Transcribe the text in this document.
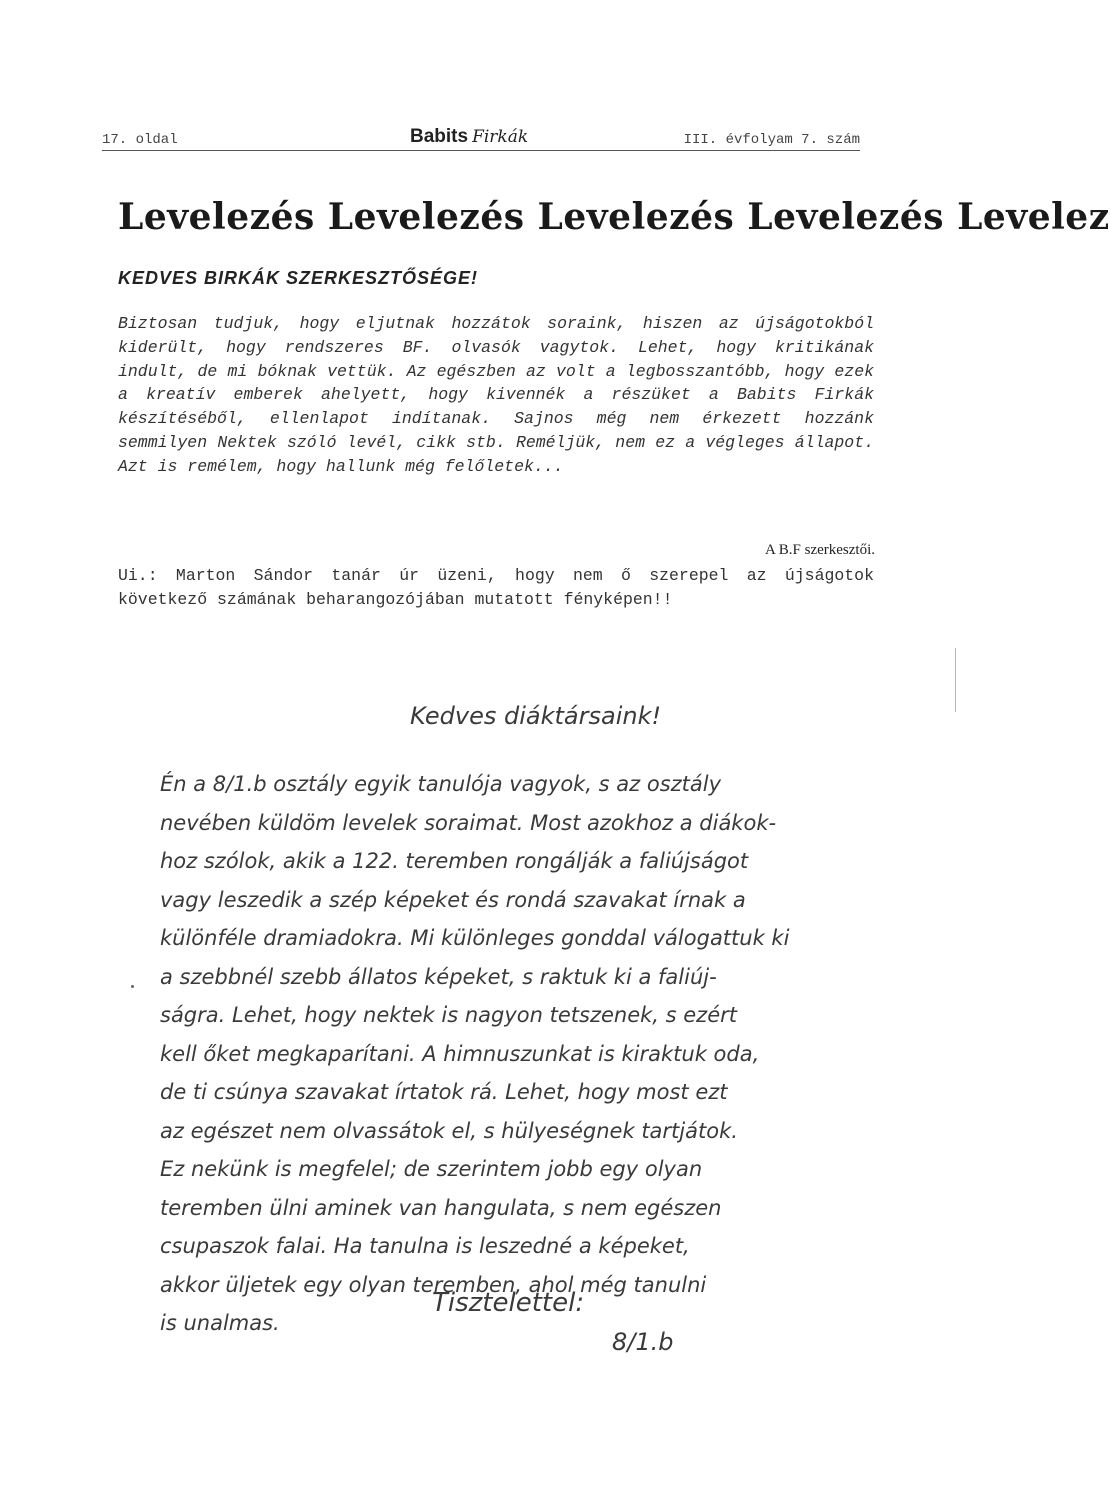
17. oldal	Babits Firkák	III. évfolyam 7. szám
Levelezés Levelezés Levelezés Levelezés Levelez
KEDVES BIRKÁK SZERKESZTŐSÉGE!

Biztosan tudjuk, hogy eljutnak hozzátok soraink, hiszen az újságotokból kiderült, hogy rendszeres BF. olvasók vagytok. Lehet, hogy kritikának indult, de mi bóknak vettük. Az egészben az volt a legbosszantóbb, hogy ezek a kreatív emberek ahelyett, hogy kivennék a részüket a Babits Firkák készítéséből, ellenlapot indítanak. Sajnos még nem érkezett hozzánk semmilyen Nektek szóló levél, cikk stb. Reméljük, nem ez a végleges állapot. Azt is remélem, hogy hallunk még felőletek...

A B.F szerkesztői.

Ui.: Marton Sándor tanár úr üzeni, hogy nem ő szerepel az újságotok következő számának beharangozójában mutatott fényképen!!

Kedves diáktársaink!
Én a 8/1.b osztály egyik tanulója vagyok, s az osztály
nevében küldöm levelek soraimat. Most azokhoz a diákok-
hoz szólok, akik a 122. teremben rongálják a faliújságot
vagy leszedik a szép képeket és rondá szavakat írnak a
különféle dramiadokra. Mi különleges gonddal válogattuk ki
a szebbnél szebb állatos képeket, s raktuk ki a faliúj-
ságra. Lehet, hogy nektek is nagyon tetszenek, s ezért
kell őket megkaparítani. A himnuszunkat is kiraktuk oda,
de ti csúnya szavakat írtatok rá. Lehet, hogy most ezt
az egészet nem olvassátok el, s hülyeségnek tartjátok.
Ez nekünk is megfelel; de szerintem jobb egy olyan
teremben ülni aminek van hangulata, s nem egészen
csupaszok falai. Ha tanulna is leszedné a képeket,
akkor üljetek egy olyan teremben, ahol még tanulni
is unalmas.
Tisztelettel:
8/1.b
